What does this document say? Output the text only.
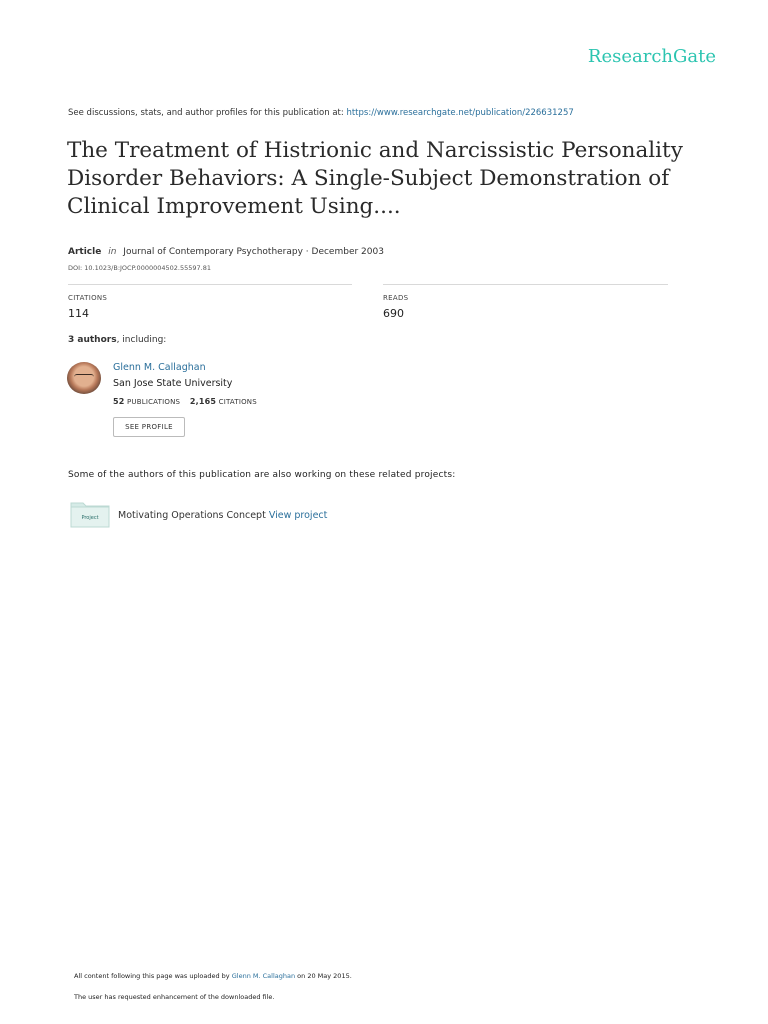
ResearchGate
See discussions, stats, and author profiles for this publication at: https://www.researchgate.net/publication/226631257
The Treatment of Histrionic and Narcissistic Personality Disorder Behaviors: A Single-Subject Demonstration of Clinical Improvement Using....
Article in Journal of Contemporary Psychotherapy · December 2003
DOI: 10.1023/B:JOCP.0000004502.55597.81
CITATIONS
114
READS
690
3 authors, including:
Glenn M. Callaghan
San Jose State University
52 PUBLICATIONS 2,165 CITATIONS
SEE PROFILE
Some of the authors of this publication are also working on these related projects:
Project Motivating Operations Concept View project
All content following this page was uploaded by Glenn M. Callaghan on 20 May 2015.
The user has requested enhancement of the downloaded file.
